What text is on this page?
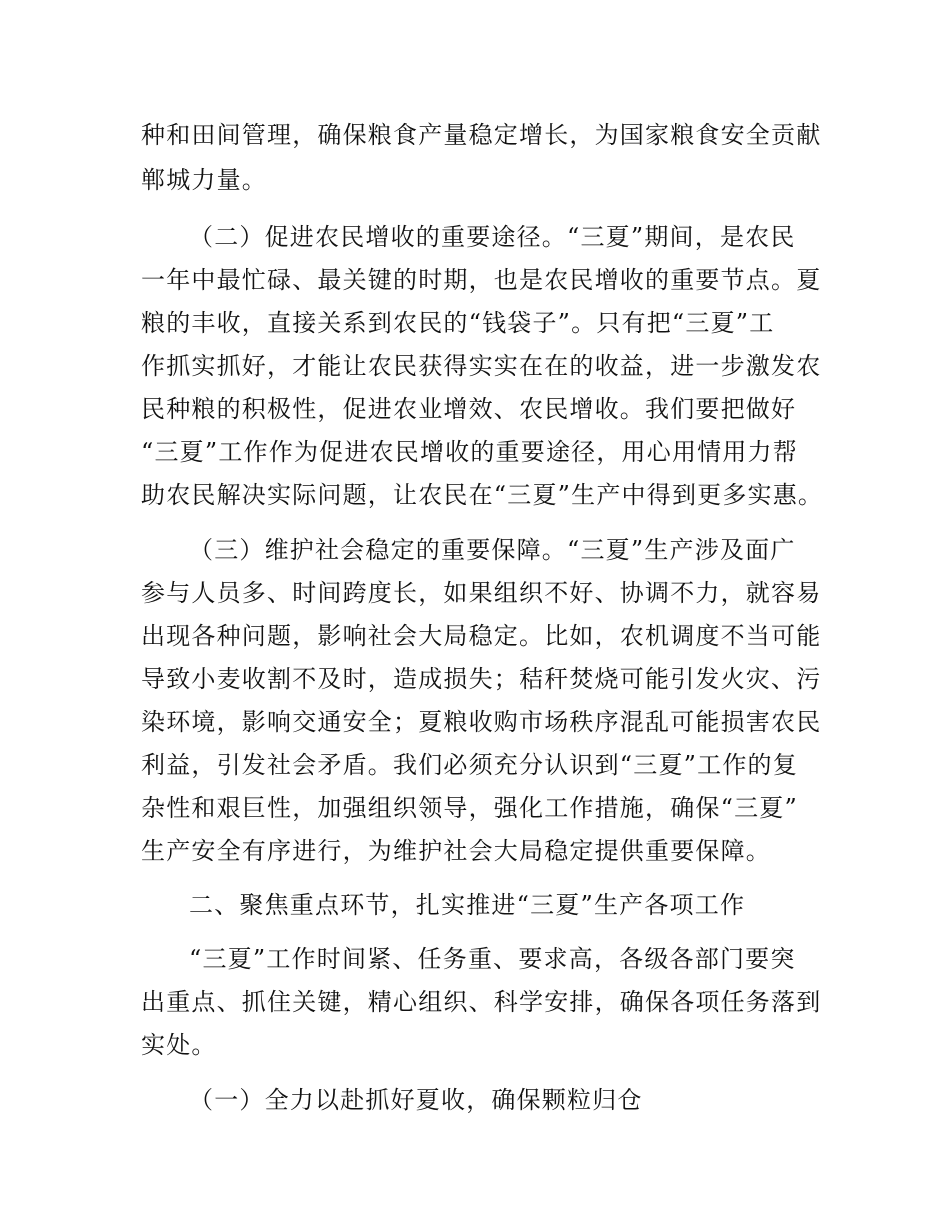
种和田间管理，确保粮食产量稳定增长，为国家粮食安全贡献
郸城力量。
（二）促进农民增收的重要途径。“三夏”期间，是农民
一年中最忙碌、最关键的时期，也是农民增收的重要节点。夏
粮的丰收，直接关系到农民的“钱袋子”。只有把“三夏”工
作抓实抓好，才能让农民获得实实在在的收益，进一步激发农
民种粮的积极性，促进农业增效、农民增收。我们要把做好
“三夏”工作作为促进农民增收的重要途径，用心用情用力帮
助农民解决实际问题，让农民在“三夏”生产中得到更多实惠。
（三）维护社会稳定的重要保障。“三夏”生产涉及面广
参与人员多、时间跨度长，如果组织不好、协调不力，就容易
出现各种问题，影响社会大局稳定。比如，农机调度不当可能
导致小麦收割不及时，造成损失；秸秆焚烧可能引发火灾、污
染环境，影响交通安全；夏粮收购市场秩序混乱可能损害农民
利益，引发社会矛盾。我们必须充分认识到“三夏”工作的复
杂性和艰巨性，加强组织领导，强化工作措施，确保“三夏”
生产安全有序进行，为维护社会大局稳定提供重要保障。
二、聚焦重点环节，扎实推进“三夏”生产各项工作
“三夏”工作时间紧、任务重、要求高，各级各部门要突
出重点、抓住关键，精心组织、科学安排，确保各项任务落到
实处。
（一）全力以赴抓好夏收，确保颗粒归仓
